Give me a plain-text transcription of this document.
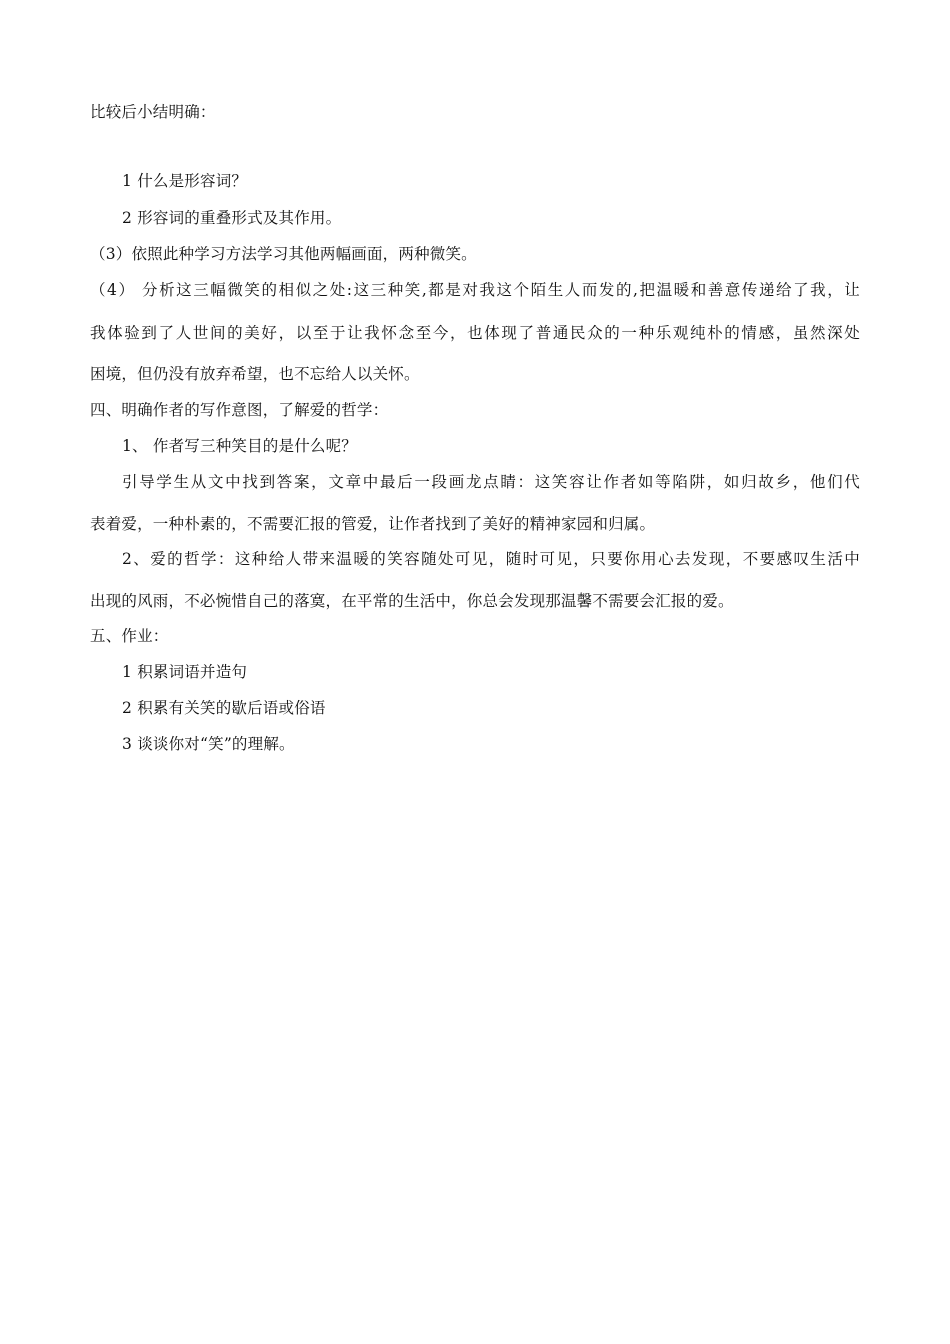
比较后小结明确：
1 什么是形容词？
2 形容词的重叠形式及其作用。
（3）依照此种学习方法学习其他两幅画面，两种微笑。
（4） 分析这三幅微笑的相似之处:这三种笑,都是对我这个陌生人而发的,把温暖和善意传递给了我，让
我体验到了人世间的美好，以至于让我怀念至今，也体现了普通民众的一种乐观纯朴的情感，虽然深处
困境，但仍没有放弃希望，也不忘给人以关怀。
四、明确作者的写作意图，了解爱的哲学：
1、 作者写三种笑目的是什么呢？
引导学生从文中找到答案，文章中最后一段画龙点睛：这笑容让作者如等陷阱，如归故乡，他们代
表着爱，一种朴素的，不需要汇报的管爱，让作者找到了美好的精神家园和归属。
2、爱的哲学：这种给人带来温暖的笑容随处可见，随时可见，只要你用心去发现，不要感叹生活中
出现的风雨，不必惋惜自己的落寞，在平常的生活中，你总会发现那温馨不需要会汇报的爱。
五、作业：
1 积累词语并造句
2 积累有关笑的歇后语或俗语
3 谈谈你对“笑”的理解。
